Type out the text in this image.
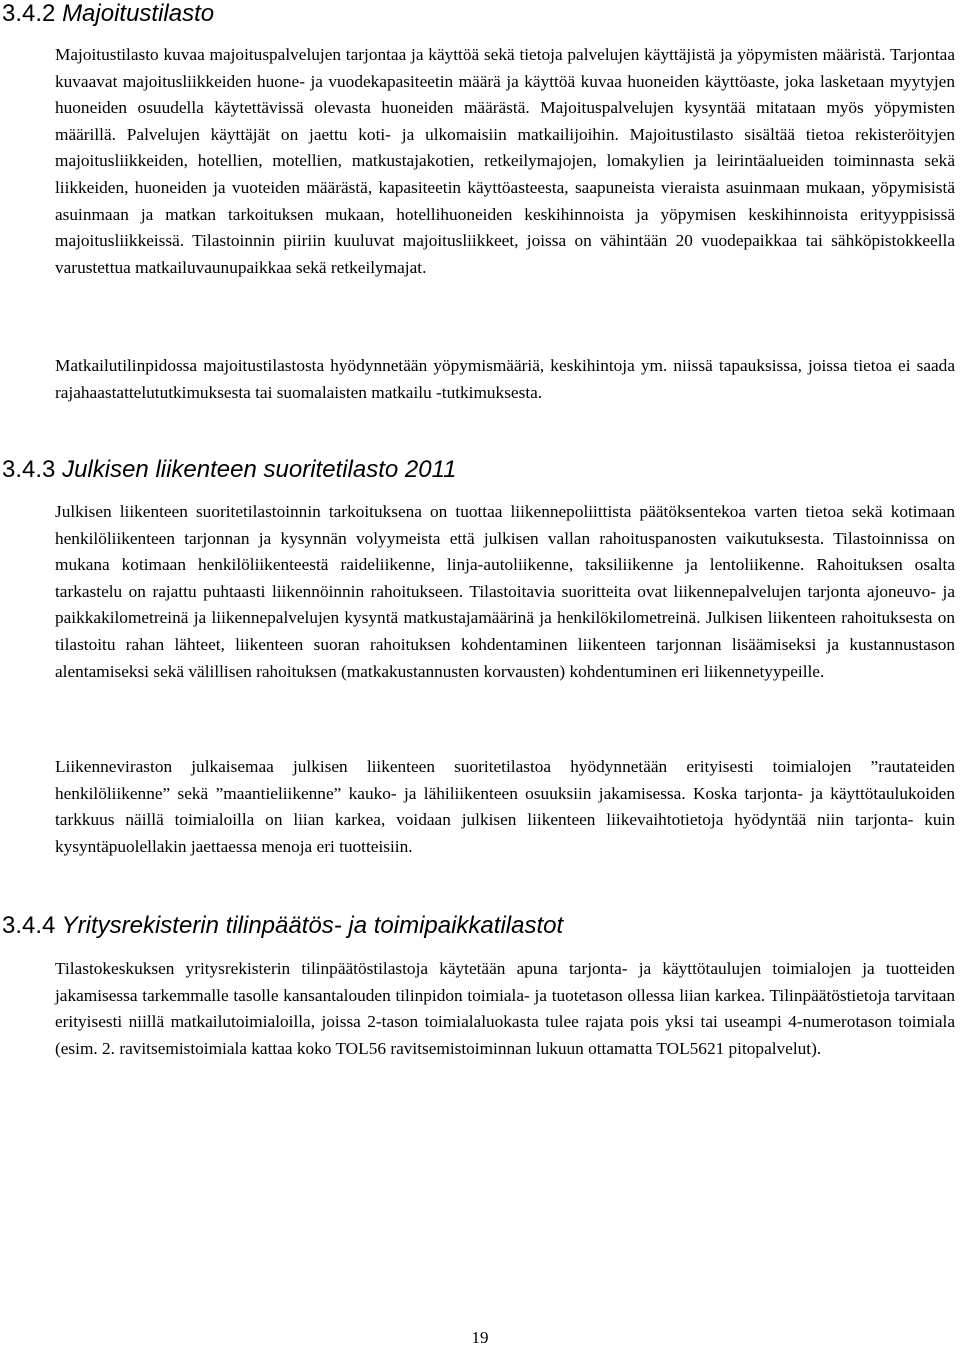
3.4.2 Majoitustilasto

Majoitustilasto kuvaa majoituspalvelujen tarjontaa ja käyttöä sekä tietoja palvelujen käyttäjistä ja yöpymisten määristä. Tarjontaa kuvaavat majoitusliikkeiden huone- ja vuodekapasiteetin määrä ja käyttöä kuvaa huoneiden käyttöaste, joka lasketaan myytyjen huoneiden osuudella käytettävissä olevasta huoneiden määrästä. Majoituspalvelujen kysyntää mitataan myös yöpymisten määrillä. Palvelujen käyttäjät on jaettu koti- ja ulkomaisiin matkailijoihin. Majoitustilasto sisältää tietoa rekisteröityjen majoitusliikkeiden, hotellien, motellien, matkustajakotien, retkeilymajojen, lomakylien ja leirintäalueiden toiminnasta sekä liikkeiden, huoneiden ja vuoteiden määrästä, kapasiteetin käyttöasteesta, saapuneista vieraista asuinmaan mukaan, yöpymisistä asuinmaan ja matkan tarkoituksen mukaan, hotellihuoneiden keskihinnoista ja yöpymisen keskihinnoista erityyppisissä majoitusliikkeissä. Tilastoinnin piiriin kuuluvat majoitusliikkeet, joissa on vähintään 20 vuodepaikkaa tai sähköpistokkeella varustettua matkailuvaunupaikkaa sekä retkeilymajat.

Matkailutilinpidossa majoitustilastosta hyödynnetään yöpymismääriä, keskihintoja ym. niissä tapauksissa, joissa tietoa ei saada rajahaastattelututkimuksesta tai suomalaisten matkailu -tutkimuksesta.

3.4.3 Julkisen liikenteen suoritetilasto 2011

Julkisen liikenteen suoritetilastoinnin tarkoituksena on tuottaa liikennepoliittista päätöksentekoa varten tietoa sekä kotimaan henkilöliikenteen tarjonnan ja kysynnän volyymeista että julkisen vallan rahoituspanosten vaikutuksesta. Tilastoinnissa on mukana kotimaan henkilöliikenteestä raideliikenne, linja-autoliikenne, taksiliikenne ja lentoliikenne. Rahoituksen osalta tarkastelu on rajattu puhtaasti liikennöinnin rahoitukseen. Tilastoitavia suoritteita ovat liikennepalvelujen tarjonta ajoneuvo- ja paikkakilometreinä ja liikennepalvelujen kysyntä matkustajamäärinä ja henkilökilometreinä. Julkisen liikenteen rahoituksesta on tilastoitu rahan lähteet, liikenteen suoran rahoituksen kohdentaminen liikenteen tarjonnan lisäämiseksi ja kustannustason alentamiseksi sekä välillisen rahoituksen (matkakustannusten korvausten) kohdentuminen eri liikennetyypeille.

Liikenneviraston julkaisemaa julkisen liikenteen suoritetilastoa hyödynnetään erityisesti toimialojen ”rautateiden henkilöliikenne” sekä ”maantieliikenne” kauko- ja lähiliikenteen osuuksiin jakamisessa. Koska tarjonta- ja käyttötaulukoiden tarkkuus näillä toimialoilla on liian karkea, voidaan julkisen liikenteen liikevaihtotietoja hyödyntää niin tarjonta- kuin kysyntäpuolellakin jaettaessa menoja eri tuotteisiin.

3.4.4 Yritysrekisterin tilinpäätös- ja toimipaikkatilastot

Tilastokeskuksen yritysrekisterin tilinpäätöstilastoja käytetään apuna tarjonta- ja käyttötaulujen toimialojen ja tuotteiden jakamisessa tarkemmalle tasolle kansantalouden tilinpidon toimiala- ja tuotetason ollessa liian karkea. Tilinpäätöstietoja tarvitaan erityisesti niillä matkailutoimialoilla, joissa 2-tason toimialaluokasta tulee rajata pois yksi tai useampi 4-numerotason toimiala (esim. 2. ravitsemistoimiala kattaa koko TOL56 ravitsemistoiminnan lukuun ottamatta TOL5621 pitopalvelut).

19
